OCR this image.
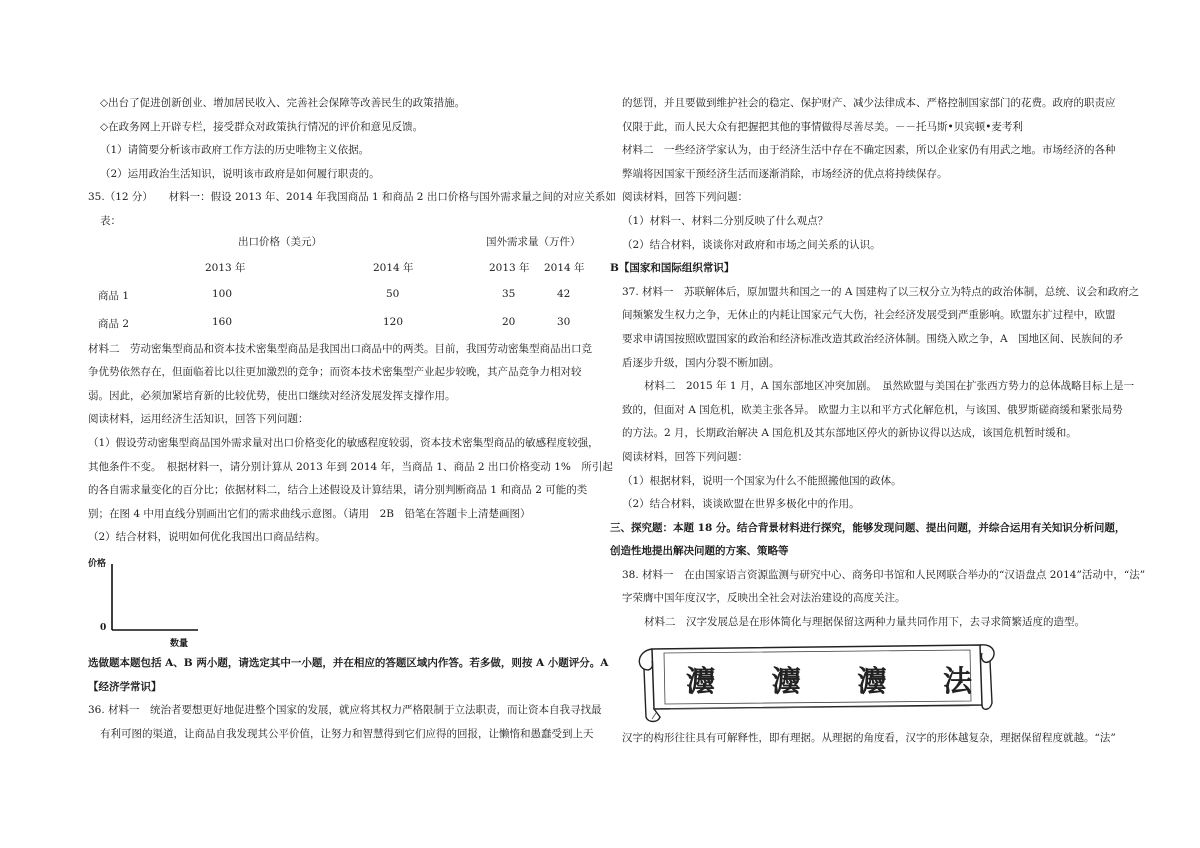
◇出台了促进创新创业、增加居民收入、完善社会保障等改善民生的政策措施。
◇在政务网上开辟专栏，接受群众对政策执行情况的评价和意见反馈。
（1）请简要分析该市政府工作方法的历史唯物主义依据。
（2）运用政治生活知识，说明该市政府是如何履行职责的。
35.（12 分）　　材料一：假设 2013 年、2014 年我国商品 1 和商品 2 出口价格与国外需求量之间的对应关系如
表：
出口价格（美元）	国外需求量（万件）
2013 年	2014 年	2013 年 2014 年
商品 1	100	50	35	42
商品 2	160	120	20	30
材料二　劳动密集型商品和资本技术密集型商品是我国出口商品中的两类。目前，我国劳动密集型商品出口竞
争优势依然存在，但面临着比以往更加激烈的竞争；而资本技术密集型产业起步较晚，其产品竞争力相对较
弱。因此，必须加紧培育新的比较优势，使出口继续对经济发展发挥支撑作用。
阅读材料，运用经济生活知识，回答下列问题：
（1）假设劳动密集型商品国外需求量对出口价格变化的敏感程度较弱，资本技术密集型商品的敏感程度较强，
其他条件不变。　根据材料一，请分别计算从 2013 年到 2014 年，当商品 1、商品 2 出口价格变动 1%　所引起
的各自需求量变化的百分比；依据材料二，结合上述假设及计算结果，请分别判断商品 1 和商品 2 可能的类
别；在图 4 中用直线分别画出它们的需求曲线示意图。（请用　2B　铅笔在答题卡上清楚画图）
（2）结合材料，说明如何优化我国出口商品结构。
价格
0
数量
选做题本题包括 A、B 两小题，请选定其中一小题，并在相应的答题区域内作答。若多做，则按 A 小题评分。A
【经济学常识】
36. 材料一　统治者要想更好地促进整个国家的发展，就应将其权力严格限制于立法职责，而让资本自我寻找最
有利可图的渠道，让商品自我发现其公平价值，让努力和智慧得到它们应得的回报，让懒惰和愚蠢受到上天
的惩罚，并且要做到维护社会的稳定、保护财产、减少法律成本、严格控制国家部门的花费。政府的职责应
仅限于此，而人民大众有把握把其他的事情做得尽善尽美。－－托马斯•贝宾顿•麦考利
材料二　一些经济学家认为，由于经济生活中存在不确定因素，所以企业家仍有用武之地。市场经济的各种
弊端将因国家干预经济生活而逐渐消除，市场经济的优点将持续保存。
阅读材料，回答下列问题：
（1）材料一、材料二分别反映了什么观点？
（2）结合材料，谈谈你对政府和市场之间关系的认识。
B【国家和国际组织常识】
37. 材料一　苏联解体后，原加盟共和国之一的 A 国建构了以三权分立为特点的政治体制，总统、议会和政府之
间频繁发生权力之争，无休止的内耗让国家元气大伤，社会经济发展受到严重影响。欧盟东扩过程中，欧盟
要求申请国按照欧盟国家的政治和经济标准改造其政治经济体制。围绕入欧之争，A　国地区间、民族间的矛
盾逐步升级，国内分裂不断加剧。
材料二　2015 年 1 月，A 国东部地区冲突加剧。　虽然欧盟与美国在扩张西方势力的总体战略目标上是一
致的，但面对 A 国危机，欧美主张各异。 欧盟力主以和平方式化解危机，与该国、俄罗斯磋商缓和紧张局势
的方法。2 月，长期政治解决 A 国危机及其东部地区停火的新协议得以达成，该国危机暂时缓和。
阅读材料，回答下列问题：
（1）根据材料，说明一个国家为什么不能照搬他国的政体。
（2）结合材料，谈谈欧盟在世界多极化中的作用。
三、探究题：本题 18 分。结合背景材料进行探究，能够发现问题、提出问题，并综合运用有关知识分析问题，
创造性地提出解决问题的方案、策略等
38. 材料一　在由国家语言资源监测与研究中心、商务印书馆和人民网联合举办的“汉语盘点 2014”活动中，“法”
字荣膺中国年度汉字，反映出全社会对法治建设的高度关注。
材料二　汉字发展总是在形体简化与理据保留这两种力量共同作用下，去寻求简繁适度的造型。
灋 灋 灋 法
汉字的构形往往具有可解释性，即有理据。从理据的角度看，汉字的形体越复杂，理据保留程度就越。“法”
